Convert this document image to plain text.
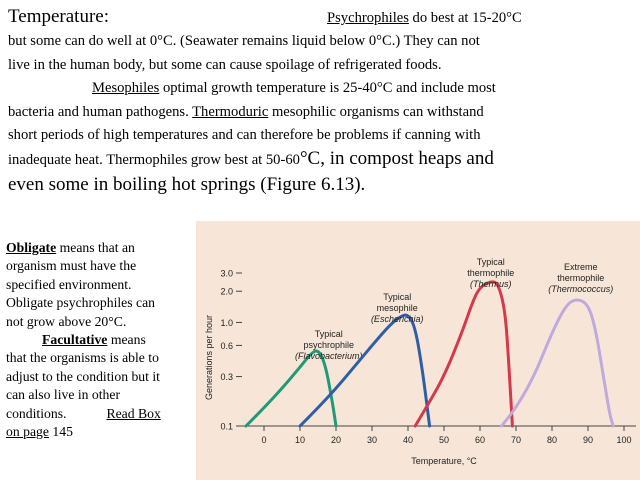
Temperature:	Psychrophiles do best at 15-20°C
but some can do well at 0°C. (Seawater remains liquid below 0°C.) They can not
live in the human body, but some can cause spoilage of refrigerated foods.
Mesophiles optimal growth temperature is 25-40°C and include most
bacteria and human pathogens. Thermoduric mesophilic organisms can withstand
short periods of high temperatures and can therefore be problems if canning with
inadequate heat. Thermophiles grow best at 50-60°C, in compost heaps and
even some in boiling hot springs (Figure 6.13).
Obligate means that an
organism must have the
specified environment.
Obligate psychrophiles can
not grow above 20°C.
Facultative means
that the organisms is able to
adjust to the condition but it
can also live in other
conditions.	Read Box
on page 145	0.1
0.3
0.6
1.0
2.0
3.0
0	10	20	30	40	50	60	70	80	90	100
Temperature, °C
Generations per hour	Typical
psychrophile
(Flavobacterium)
Typical
mesophile
(Escherichia)
Typical
thermophile
(Thermus)
Extreme
thermophile
(Thermococcus)
